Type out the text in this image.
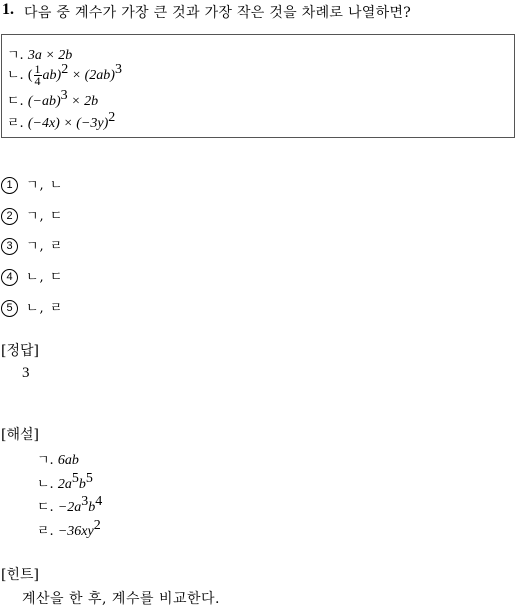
1. 다음 중 계수가 가장 큰 것과 가장 작은 것을 차례로 나열하면?
ㄱ. 3a × 2b
ㄴ. ( $\frac{1}{4} ab)^2 \times (2ab)^3$
ㄷ. $(-ab)^3 \times 2b$
ㄹ. $(-4x) \times (-3y)^2$
1 ㄱ, ㄴ
2 ㄱ, ㄷ
3 ㄱ, ㄹ
4 ㄴ, ㄷ
5 ㄴ, ㄹ
[정답]
3
[해설]
ㄱ. 6ab
ㄴ. $2a^5b^5$
ㄷ. $-2a^3b^4$
ㄹ. $-36xy^2$
[힌트]
계산을 한 후, 계수를 비교한다.
